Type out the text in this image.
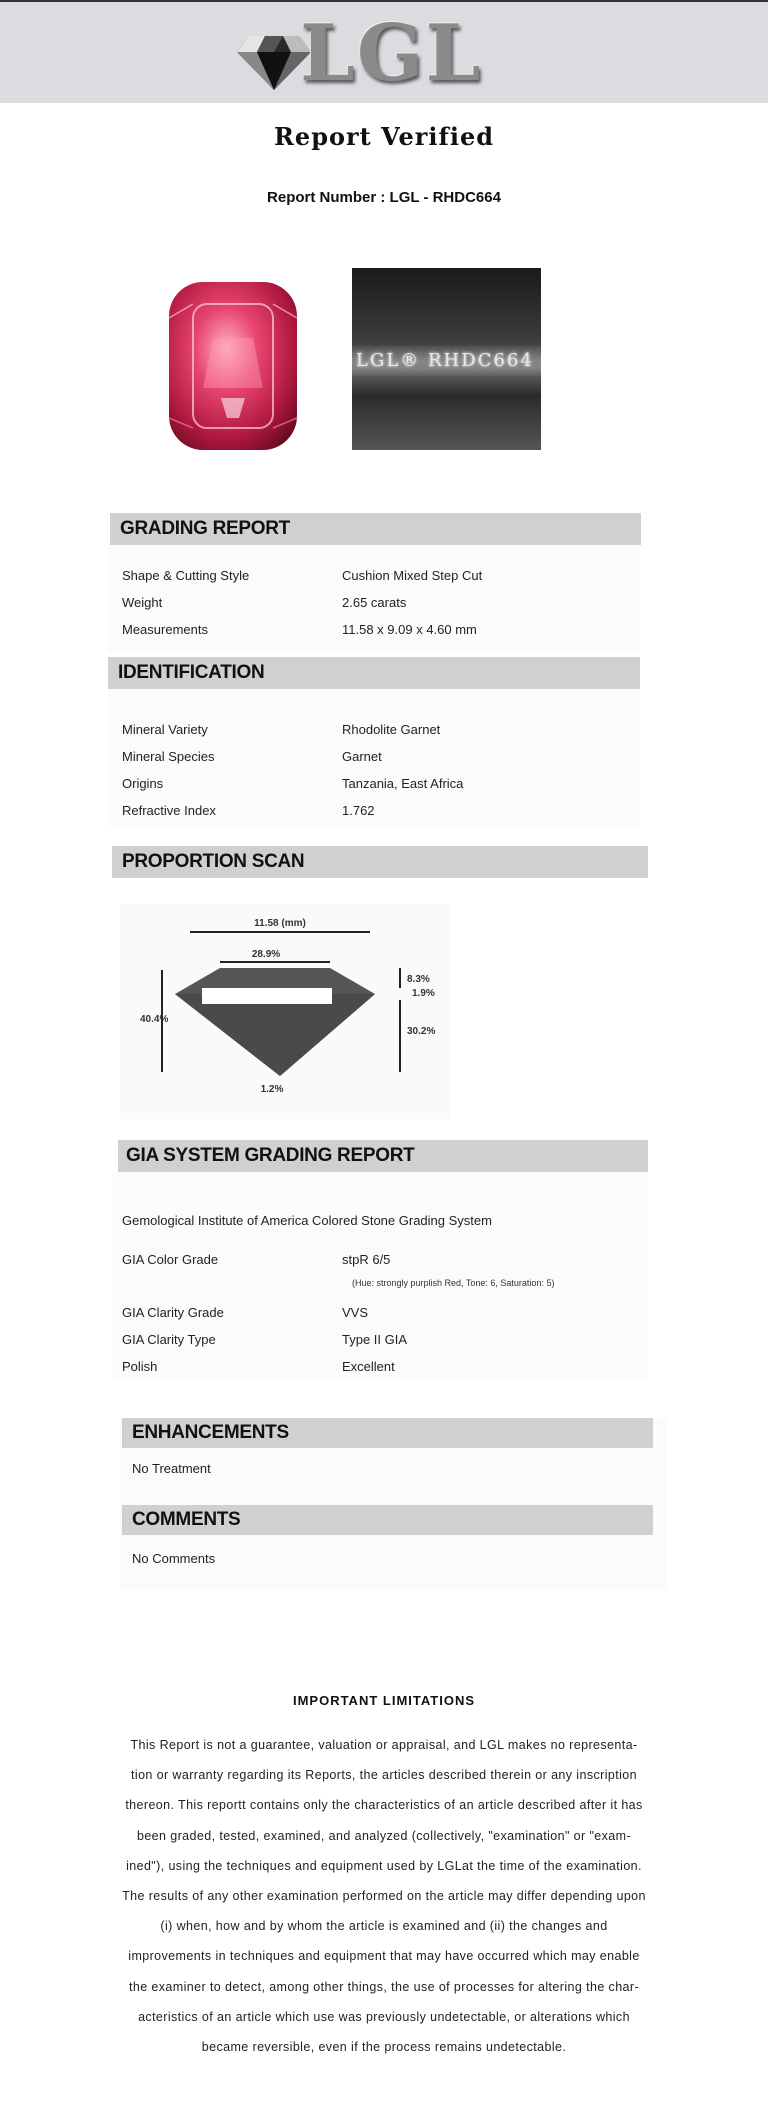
LGL
Report Verified
Report Number : LGL - RHDC664
LGL® RHDC664
GRADING REPORT
Shape & Cutting Style	Cushion Mixed Step Cut
Weight	2.65 carats
Measurements	11.58 x 9.09 x 4.60 mm
IDENTIFICATION
Mineral Variety	Rhodolite Garnet
Mineral Species	Garnet
Origins	Tanzania, East Africa
Refractive Index	1.762
PROPORTION SCAN
11.58 (mm)
28.9%
40.4%
8.3%
1.9%
30.2%
1.2%
GIA SYSTEM GRADING REPORT
Gemological Institute of America Colored Stone Grading System
GIA Color Grade	stpR 6/5
(Hue: strongly purplish Red, Tone: 6, Saturation: 5)
GIA Clarity Grade	VVS
GIA Clarity Type	Type II GIA
Polish	Excellent
ENHANCEMENTS
No Treatment
COMMENTS
No Comments
IMPORTANT LIMITATIONS
This Report is not a guarantee, valuation or appraisal, and LGL makes no representa- tion or warranty regarding its Reports, the articles described therein or any inscription thereon. This reportt contains only the characteristics of an article described after it has been graded, tested, examined, and analyzed (collectively, "examination" or "exam- ined"), using the techniques and equipment used by LGLat the time of the examination. The results of any other examination performed on the article may differ depending upon (i) when, how and by whom the article is examined and (ii) the changes and improvements in techniques and equipment that may have occurred which may enable the examiner to detect, among other things, the use of processes for altering the char- acteristics of an article which use was previously undetectable, or alterations which became reversible, even if the process remains undetectable.
